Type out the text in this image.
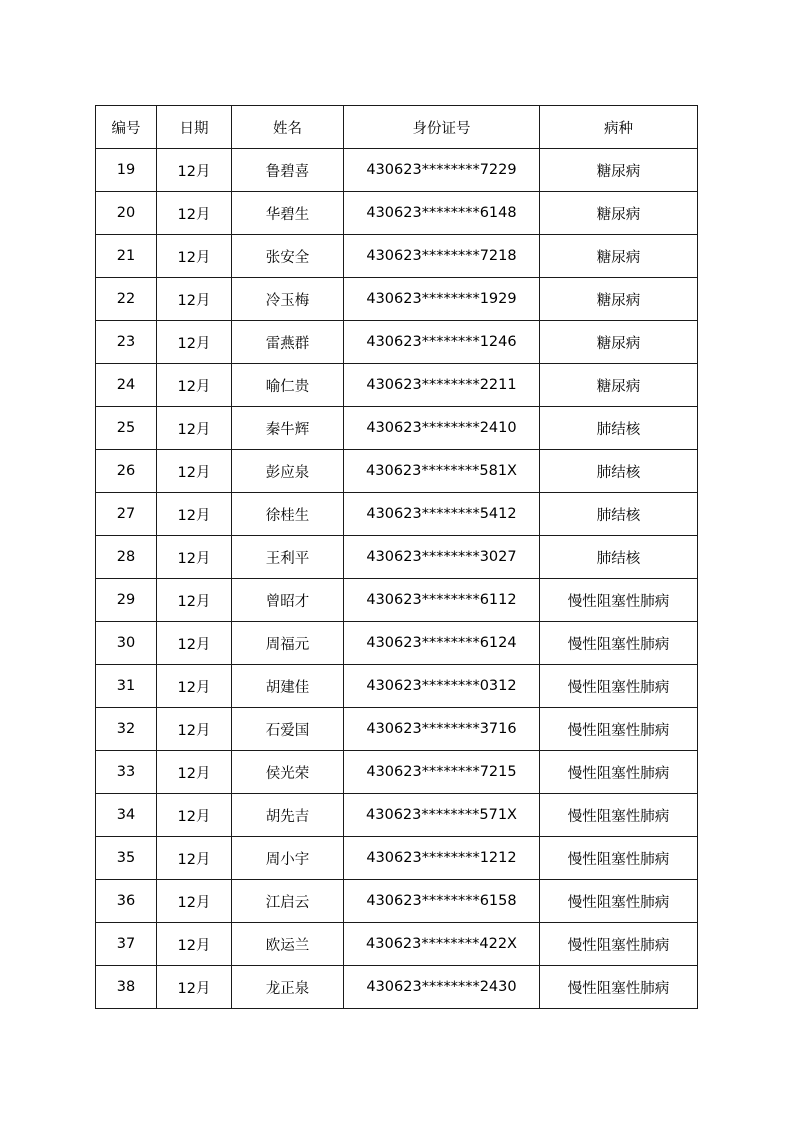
编号	日期	姓名	身份证号	病种
19	12月	鲁碧喜	430623********7229	糖尿病
20	12月	华碧生	430623********6148	糖尿病
21	12月	张安全	430623********7218	糖尿病
22	12月	冷玉梅	430623********1929	糖尿病
23	12月	雷燕群	430623********1246	糖尿病
24	12月	喻仁贵	430623********2211	糖尿病
25	12月	秦牛辉	430623********2410	肺结核
26	12月	彭应泉	430623********581X	肺结核
27	12月	徐桂生	430623********5412	肺结核
28	12月	王利平	430623********3027	肺结核
29	12月	曾昭才	430623********6112	慢性阻塞性肺病
30	12月	周福元	430623********6124	慢性阻塞性肺病
31	12月	胡建佳	430623********0312	慢性阻塞性肺病
32	12月	石爱国	430623********3716	慢性阻塞性肺病
33	12月	侯光荣	430623********7215	慢性阻塞性肺病
34	12月	胡先吉	430623********571X	慢性阻塞性肺病
35	12月	周小宇	430623********1212	慢性阻塞性肺病
36	12月	江启云	430623********6158	慢性阻塞性肺病
37	12月	欧运兰	430623********422X	慢性阻塞性肺病
38	12月	龙正泉	430623********2430	慢性阻塞性肺病
